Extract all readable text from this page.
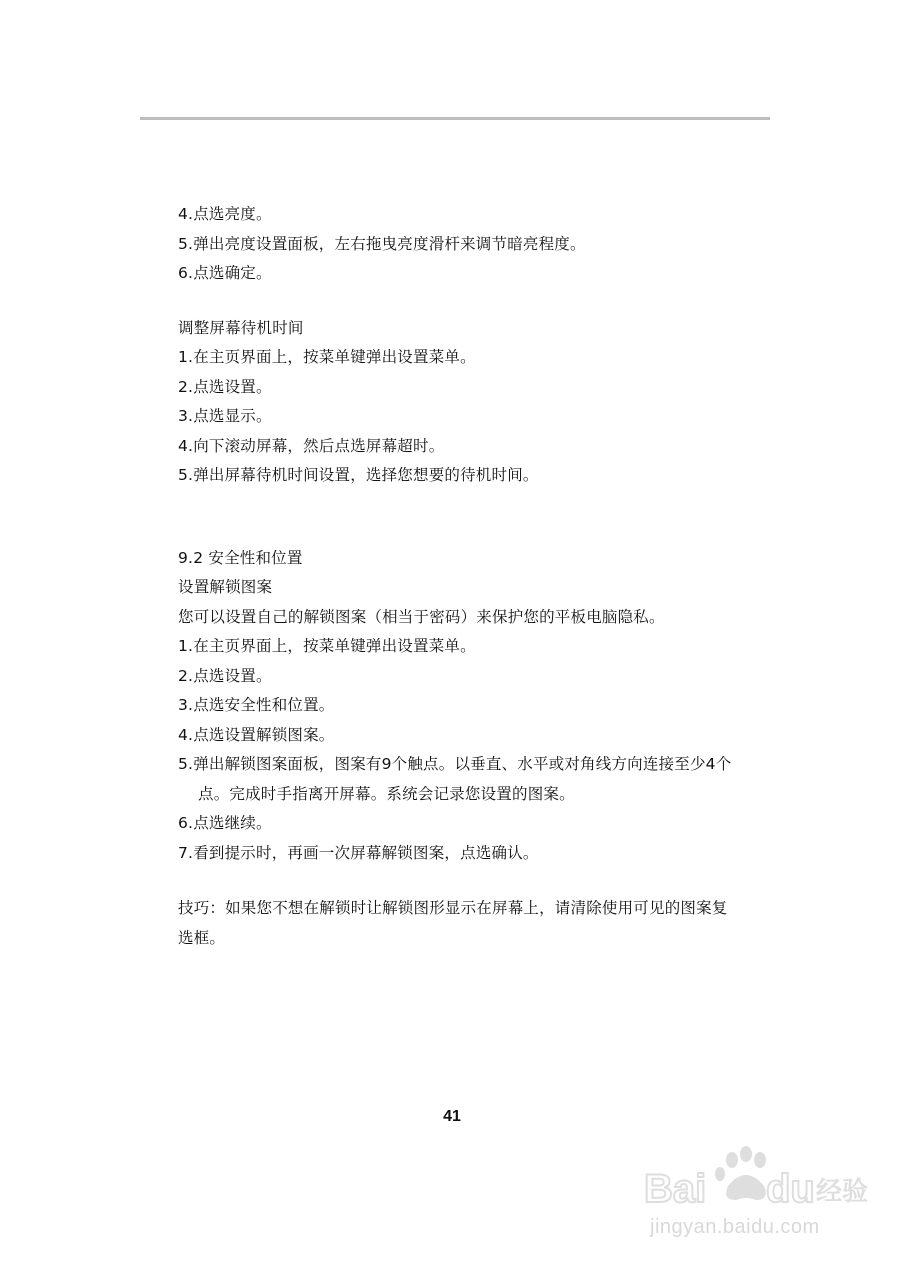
4.点选亮度。
5.弹出亮度设置面板，左右拖曳亮度滑杆来调节暗亮程度。
6.点选确定。
调整屏幕待机时间
1.在主页界面上，按菜单键弹出设置菜单。
2.点选设置。
3.点选显示。
4.向下滚动屏幕，然后点选屏幕超时。
5.弹出屏幕待机时间设置，选择您想要的待机时间。
9.2 安全性和位置
设置解锁图案
您可以设置自己的解锁图案（相当于密码）来保护您的平板电脑隐私。
1.在主页界面上，按菜单键弹出设置菜单。
2.点选设置。
3.点选安全性和位置。
4.点选设置解锁图案。
5.弹出解锁图案面板，图案有9个触点。以垂直、水平或对角线方向连接至少4个
点。完成时手指离开屏幕。系统会记录您设置的图案。
6.点选继续。
7.看到提示时，再画一次屏幕解锁图案，点选确认。
技巧：如果您不想在解锁时让解锁图形显示在屏幕上，请清除使用可见的图案复
选框。
41
Bai du 经验
jingyan.baidu.com
